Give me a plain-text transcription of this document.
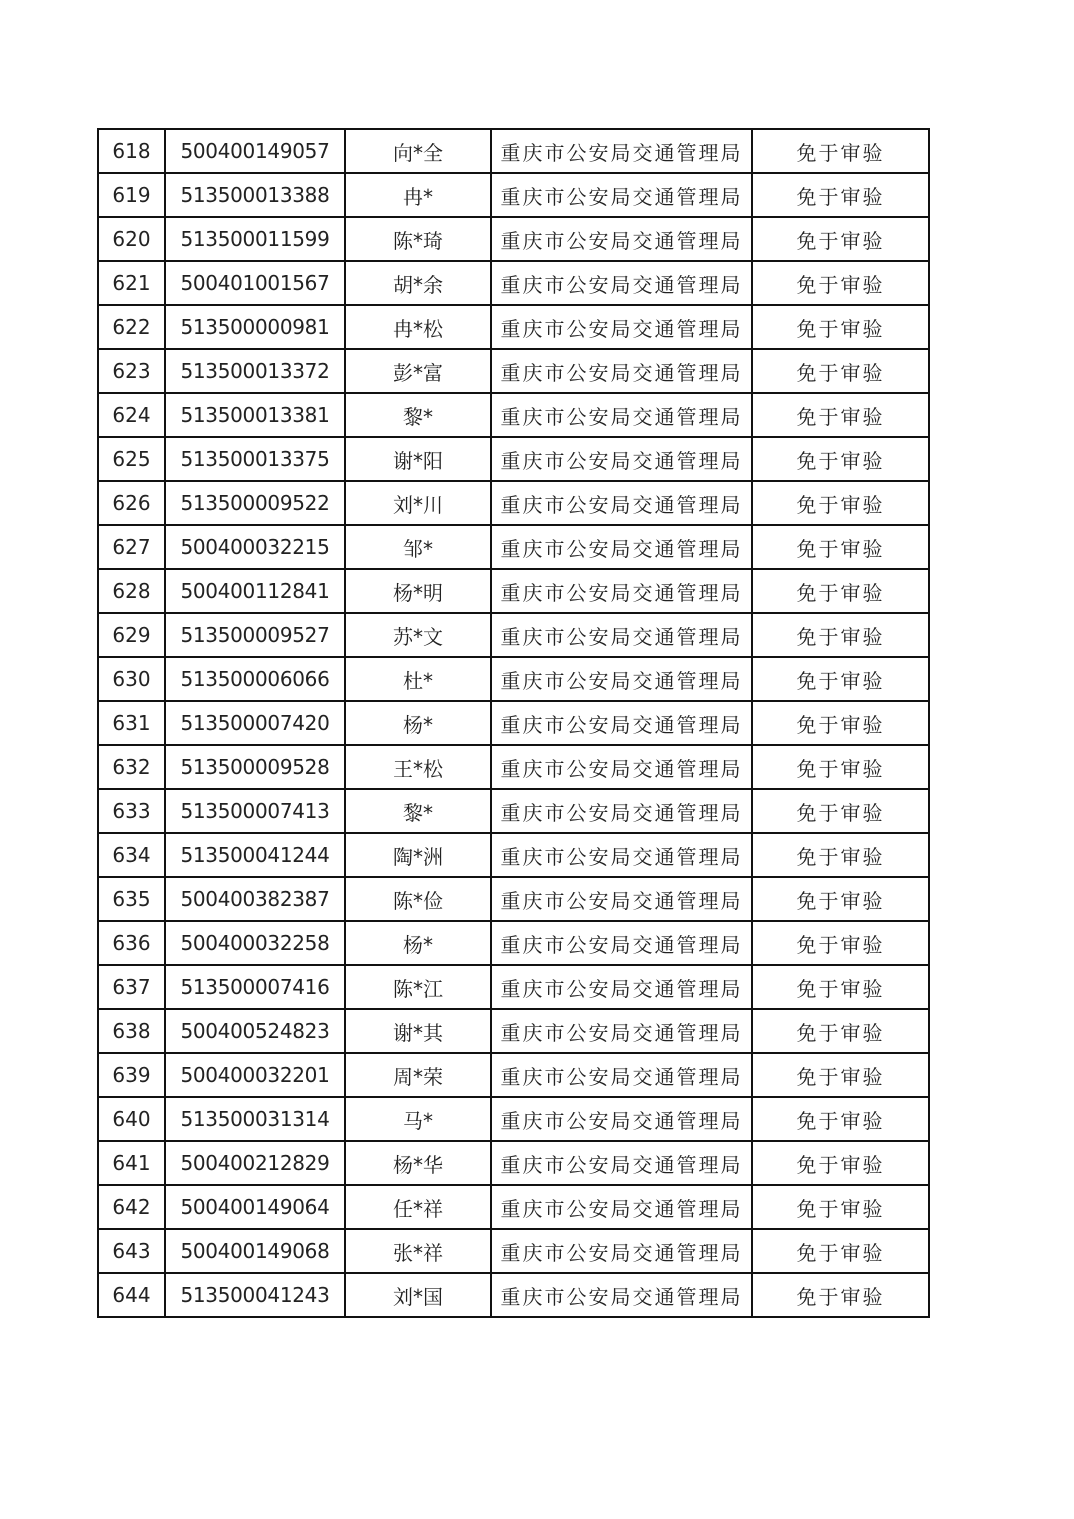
618	500400149057	向*全	重庆市公安局交通管理局	免于审验
619	513500013388	冉*	重庆市公安局交通管理局	免于审验
620	513500011599	陈*琦	重庆市公安局交通管理局	免于审验
621	500401001567	胡*余	重庆市公安局交通管理局	免于审验
622	513500000981	冉*松	重庆市公安局交通管理局	免于审验
623	513500013372	彭*富	重庆市公安局交通管理局	免于审验
624	513500013381	黎*	重庆市公安局交通管理局	免于审验
625	513500013375	谢*阳	重庆市公安局交通管理局	免于审验
626	513500009522	刘*川	重庆市公安局交通管理局	免于审验
627	500400032215	邹*	重庆市公安局交通管理局	免于审验
628	500400112841	杨*明	重庆市公安局交通管理局	免于审验
629	513500009527	苏*文	重庆市公安局交通管理局	免于审验
630	513500006066	杜*	重庆市公安局交通管理局	免于审验
631	513500007420	杨*	重庆市公安局交通管理局	免于审验
632	513500009528	王*松	重庆市公安局交通管理局	免于审验
633	513500007413	黎*	重庆市公安局交通管理局	免于审验
634	513500041244	陶*洲	重庆市公安局交通管理局	免于审验
635	500400382387	陈*俭	重庆市公安局交通管理局	免于审验
636	500400032258	杨*	重庆市公安局交通管理局	免于审验
637	513500007416	陈*江	重庆市公安局交通管理局	免于审验
638	500400524823	谢*其	重庆市公安局交通管理局	免于审验
639	500400032201	周*荣	重庆市公安局交通管理局	免于审验
640	513500031314	马*	重庆市公安局交通管理局	免于审验
641	500400212829	杨*华	重庆市公安局交通管理局	免于审验
642	500400149064	任*祥	重庆市公安局交通管理局	免于审验
643	500400149068	张*祥	重庆市公安局交通管理局	免于审验
644	513500041243	刘*国	重庆市公安局交通管理局	免于审验
